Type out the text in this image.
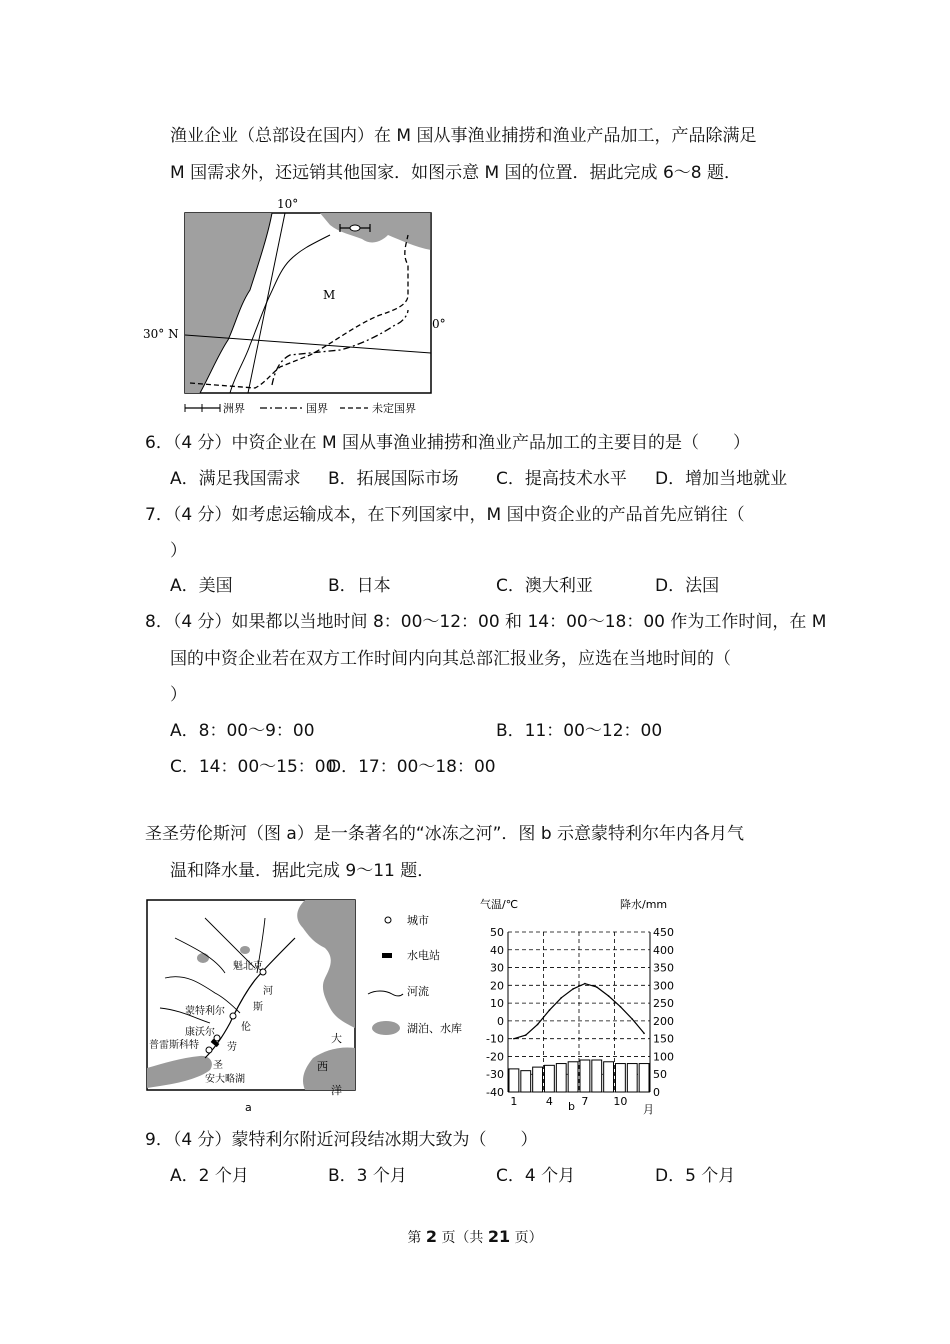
渔业企业（总部设在国内）在 M 国从事渔业捕捞和渔业产品加工，产品除满足
M 国需求外，还远销其他国家．如图示意 M 国的位置．据此完成 6～8 题．
10°
30° N
0°
M
洲界	国界	未定国界
6．（4 分）中资企业在 M 国从事渔业捕捞和渔业产品加工的主要目的是（　　）
A．满足我国需求 B．拓展国际市场 C．提高技术水平 D．增加当地就业
7．（4 分）如考虑运输成本，在下列国家中，M 国中资企业的产品首先应销往（
）
A．美国	B．日本	C．澳大利亚	D．法国
8．（4 分）如果都以当地时间 8：00～12：00 和 14：00～18：00 作为工作时间，在 M
国的中资企业若在双方工作时间内向其总部汇报业务，应选在当地时间的（
）
A．8：00～9：00	B．11：00～12：00
C．14：00～15：00
D．17：00～18：00
圣圣劳伦斯河（图 a）是一条著名的“冰冻之河”．图 b 示意蒙特利尔年内各月气
温和降水量．据此完成 9～11 题．
魁北克
蒙特利尔
康沃尔
普雷斯科特
河
斯
伦
劳
圣
安大略湖
大
西
洋
a
城市
水电站
河流
湖泊、水库
气温/℃	降水/mm
50
40
30
20
10
0
-10
-20
-30
-40
450
400
350
300
250
200
150
100
50
0
1	4	7 10
月
b
9．（4 分）蒙特利尔附近河段结冰期大致为（　　）
A．2 个月	B．3 个月	C．4 个月	D．5 个月
第 2 页（共 21 页）
